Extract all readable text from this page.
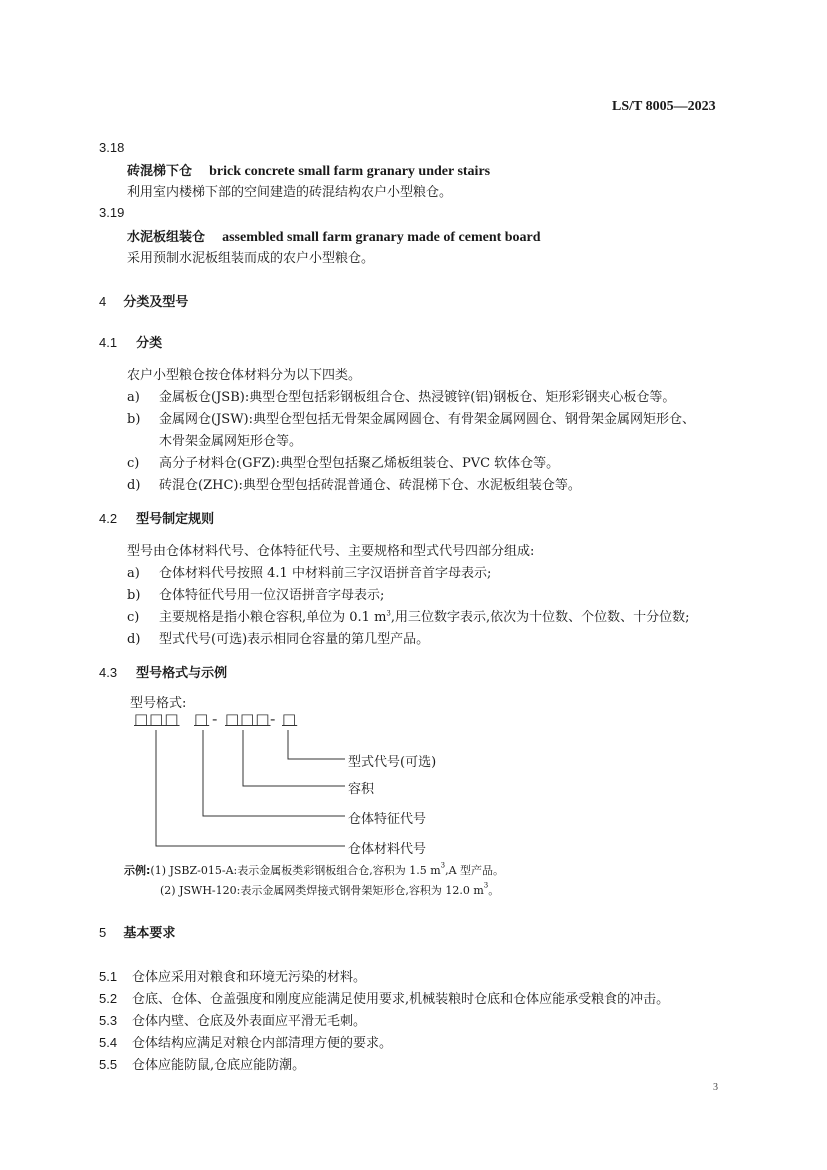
LS/T 8005—2023
3.18
砖混梯下仓 brick concrete small farm granary under stairs
利用室内楼梯下部的空间建造的砖混结构农户小型粮仓。
3.19
水泥板组装仓 assembled small farm granary made of cement board
采用预制水泥板组装而成的农户小型粮仓。
4 分类及型号
4.1 分类
农户小型粮仓按仓体材料分为以下四类。
a) 金属板仓(JSB):典型仓型包括彩钢板组合仓、热浸镀锌(铝)钢板仓、矩形彩钢夹心板仓等。
b) 金属网仓(JSW):典型仓型包括无骨架金属网圆仓、有骨架金属网圆仓、钢骨架金属网矩形仓、
木骨架金属网矩形仓等。
c) 高分子材料仓(GFZ):典型仓型包括聚乙烯板组装仓、PVC 软体仓等。
d) 砖混仓(ZHC):典型仓型包括砖混普通仓、砖混梯下仓、水泥板组装仓等。
4.2 型号制定规则
型号由仓体材料代号、仓体特征代号、主要规格和型式代号四部分组成:
a) 仓体材料代号按照 4.1 中材料前三字汉语拼音首字母表示;
b) 仓体特征代号用一位汉语拼音字母表示;
c) 主要规格是指小粮仓容积,单位为 0.1 $m^3$,用三位数字表示,依次为十位数、个位数、十分位数;
d) 型式代号(可选)表示相同仓容量的第几型产品。
4.3 型号格式与示例
型号格式:
□□□ □ - □□□ - □
型式代号(可选)
容积
仓体特征代号
仓体材料代号
示例:(1) JSBZ-015-A:表示金属板类彩钢板组合仓,容积为 1.5 $m^3,A$ 型产品。
(2) JSWH-120:表示金属网类焊接式钢骨架矩形仓,容积为 12.0 $m^3$。
5 基本要求
5.1 仓体应采用对粮食和环境无污染的材料。
5.2 仓底、仓体、仓盖强度和刚度应能满足使用要求,机械装粮时仓底和仓体应能承受粮食的冲击。
5.3 仓体内壁、仓底及外表面应平滑无毛刺。
5.4 仓体结构应满足对粮仓内部清理方便的要求。
5.5 仓体应能防鼠,仓底应能防潮。
3
